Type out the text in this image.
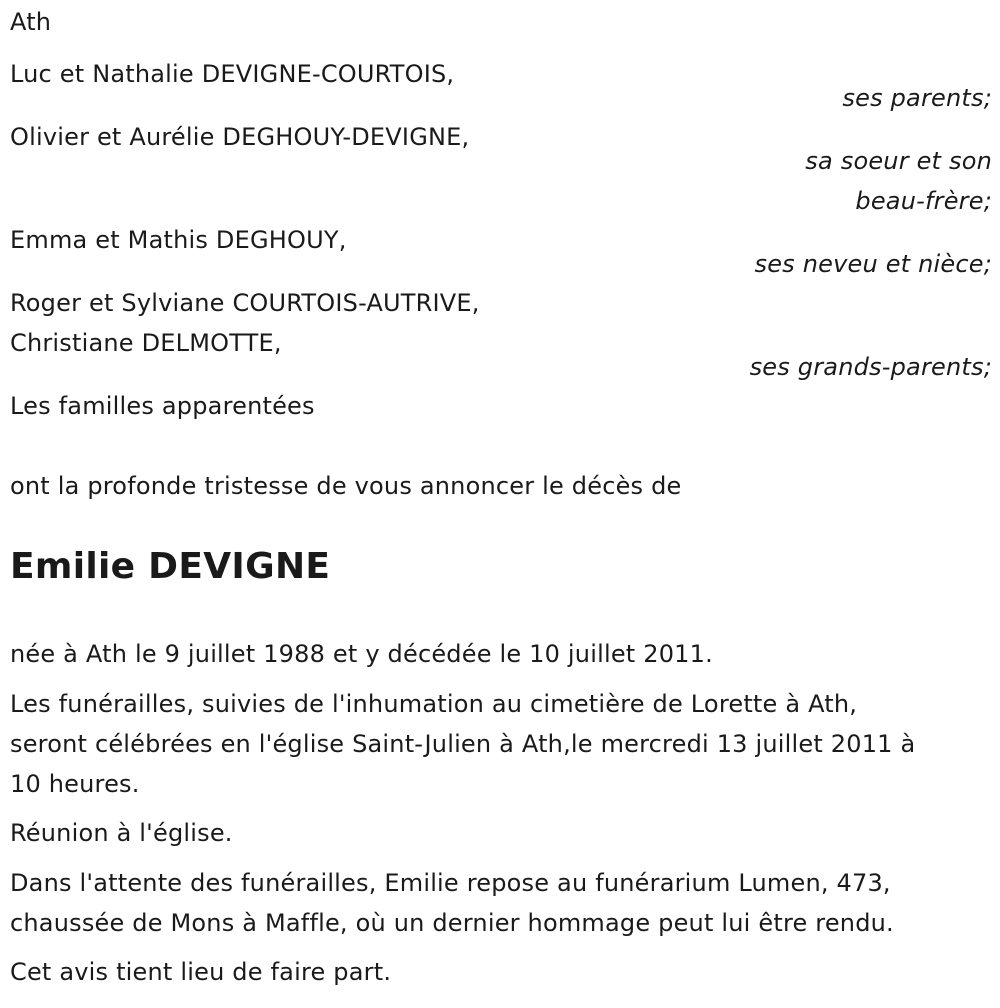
Ath
Luc et Nathalie DEVIGNE-COURTOIS,
ses parents;
Olivier et Aurélie DEGHOUY-DEVIGNE,
sa soeur et son
beau-frère;
Emma et Mathis DEGHOUY,
ses neveu et nièce;
Roger et Sylviane COURTOIS-AUTRIVE,
Christiane DELMOTTE,
ses grands-parents;
Les familles apparentées
ont la profonde tristesse de vous annoncer le décès de
Emilie DEVIGNE
née à Ath le 9 juillet 1988 et y décédée le 10 juillet 2011.
Les funérailles, suivies de l'inhumation au cimetière de Lorette à Ath,
seront célébrées en l'église Saint-Julien à Ath,le mercredi 13 juillet 2011 à
10 heures.
Réunion à l'église.
Dans l'attente des funérailles, Emilie repose au funérarium Lumen, 473,
chaussée de Mons à Maffle, où un dernier hommage peut lui être rendu.
Cet avis tient lieu de faire part.
